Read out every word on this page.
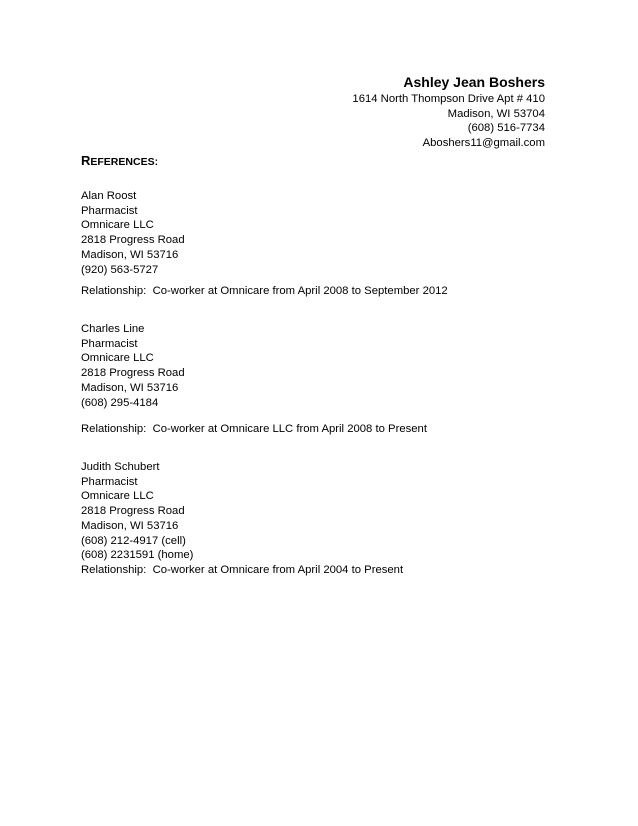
Ashley Jean Boshers
1614 North Thompson Drive Apt # 410
Madison, WI 53704
(608) 516-7734
Aboshers11@gmail.com
REFERENCES:
Alan Roost
Pharmacist
Omnicare LLC
2818 Progress Road
Madison, WI 53716
(920) 563-5727
Relationship:  Co-worker at Omnicare from April 2008 to September 2012
Charles Line
Pharmacist
Omnicare LLC
2818 Progress Road
Madison, WI 53716
(608) 295-4184
Relationship:  Co-worker at Omnicare LLC from April 2008 to Present
Judith Schubert
Pharmacist
Omnicare LLC
2818 Progress Road
Madison, WI 53716
(608) 212-4917 (cell)
(608) 2231591 (home)
Relationship:  Co-worker at Omnicare from April 2004 to Present
